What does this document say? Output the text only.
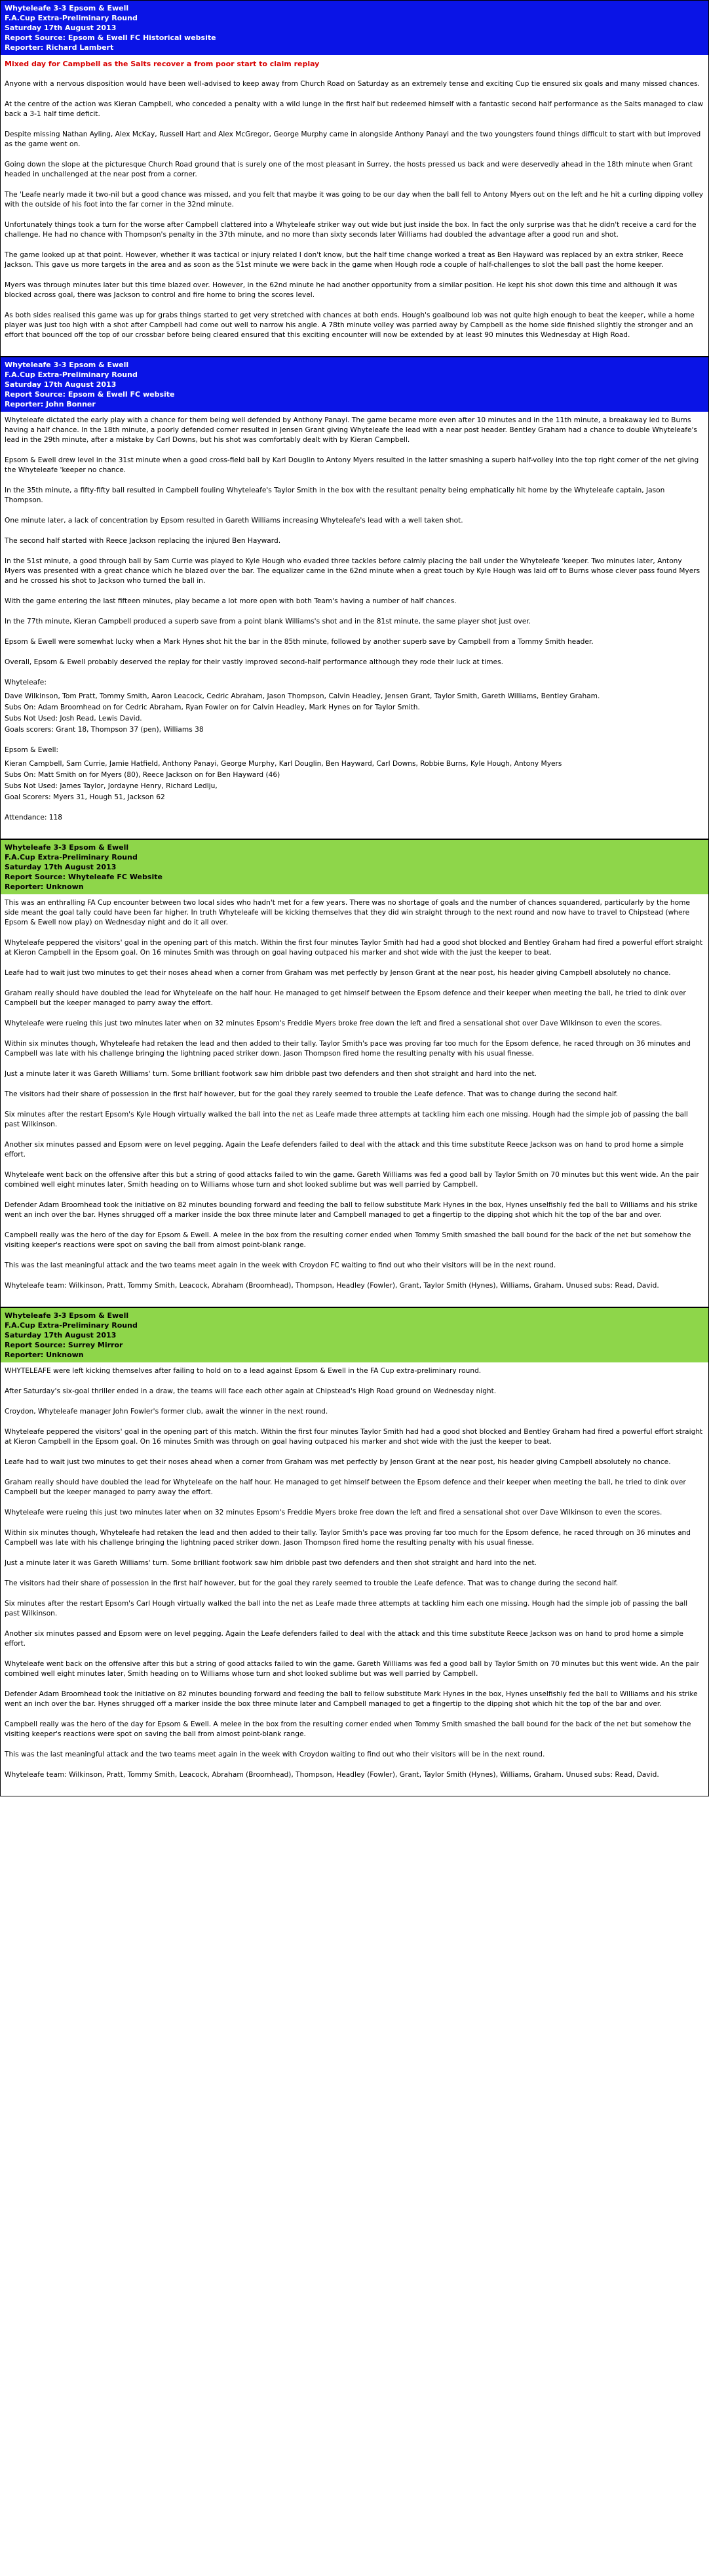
Whyteleafe 3-3 Epsom & Ewell
F.A.Cup Extra-Preliminary Round
Saturday 17th August 2013
Report Source: Epsom & Ewell FC Historical website
Reporter: Richard Lambert

Mixed day for Campbell as the Salts recover a from poor start to claim replay

Anyone with a nervous disposition would have been well-advised to keep away from Church Road on Saturday as an extremely tense and exciting Cup tie ensured six goals and many missed chances.

At the centre of the action was Kieran Campbell, who conceded a penalty with a wild lunge in the first half but redeemed himself with a fantastic second half performance as the Salts managed to claw back a 3-1 half time deficit.

Despite missing Nathan Ayling, Alex McKay, Russell Hart and Alex McGregor, George Murphy came in alongside Anthony Panayi and the two youngsters found things difficult to start with but improved as the game went on.

Going down the slope at the picturesque Church Road ground that is surely one of the most pleasant in Surrey, the hosts pressed us back and were deservedly ahead in the 18th minute when Grant headed in unchallenged at the near post from a corner.

The 'Leafe nearly made it two-nil but a good chance was missed, and you felt that maybe it was going to be our day when the ball fell to Antony Myers out on the left and he hit a curling dipping volley with the outside of his foot into the far corner in the 32nd minute.

Unfortunately things took a turn for the worse after Campbell clattered into a Whyteleafe striker way out wide but just inside the box. In fact the only surprise was that he didn't receive a card for the challenge. He had no chance with Thompson's penalty in the 37th minute, and no more than sixty seconds later Williams had doubled the advantage after a good run and shot.

The game looked up at that point. However, whether it was tactical or injury related I don't know, but the half time change worked a treat as Ben Hayward was replaced by an extra striker, Reece Jackson. This gave us more targets in the area and as soon as the 51st minute we were back in the game when Hough rode a couple of half-challenges to slot the ball past the home keeper.

Myers was through minutes later but this time blazed over. However, in the 62nd minute he had another opportunity from a similar position. He kept his shot down this time and although it was blocked across goal, there was Jackson to control and fire home to bring the scores level.

As both sides realised this game was up for grabs things started to get very stretched with chances at both ends. Hough's goalbound lob was not quite high enough to beat the keeper, while a home player was just too high with a shot after Campbell had come out well to narrow his angle. A 78th minute volley was parried away by Campbell as the home side finished slightly the stronger and an effort that bounced off the top of our crossbar before being cleared ensured that this exciting encounter will now be extended by at least 90 minutes this Wednesday at High Road.

Whyteleafe 3-3 Epsom & Ewell
F.A.Cup Extra-Preliminary Round
Saturday 17th August 2013
Report Source: Epsom & Ewell FC website
Reporter: John Bonner

Whyteleafe dictated the early play with a chance for them being well defended by Anthony Panayi. The game became more even after 10 minutes and in the 11th minute, a breakaway led to Burns having a half chance. In the 18th minute, a poorly defended corner resulted in Jensen Grant giving Whyteleafe the lead with a near post header. Bentley Graham had a chance to double Whyteleafe's lead in the 29th minute, after a mistake by Carl Downs, but his shot was comfortably dealt with by Kieran Campbell.

Epsom & Ewell drew level in the 31st minute when a good cross-field ball by Karl Douglin to Antony Myers resulted in the latter smashing a superb half-volley into the top right corner of the net giving the Whyteleafe 'keeper no chance.

In the 35th minute, a fifty-fifty ball resulted in Campbell fouling Whyteleafe's Taylor Smith in the box with the resultant penalty being emphatically hit home by the Whyteleafe captain, Jason Thompson.

One minute later, a lack of concentration by Epsom resulted in Gareth Williams increasing Whyteleafe's lead with a well taken shot.

The second half started with Reece Jackson replacing the injured Ben Hayward.

In the 51st minute, a good through ball by Sam Currie was played to Kyle Hough who evaded three tackles before calmly placing the ball under the Whyteleafe 'keeper. Two minutes later, Antony Myers was presented with a great chance which he blazed over the bar. The equalizer came in the 62nd minute when a great touch by Kyle Hough was laid off to Burns whose clever pass found Myers and he crossed his shot to Jackson who turned the ball in.

With the game entering the last fifteen minutes, play became a lot more open with both Team's having a number of half chances.

In the 77th minute, Kieran Campbell produced a superb save from a point blank Williams's shot and in the 81st minute, the same player shot just over.

Epsom & Ewell were somewhat lucky when a Mark Hynes shot hit the bar in the 85th minute, followed by another superb save by Campbell from a Tommy Smith header.

Overall, Epsom & Ewell probably deserved the replay for their vastly improved second-half performance although they rode their luck at times.

Whyteleafe:

Dave Wilkinson, Tom Pratt, Tommy Smith, Aaron Leacock, Cedric Abraham, Jason Thompson, Calvin Headley, Jensen Grant, Taylor Smith, Gareth Williams, Bentley Graham.

Subs On: Adam Broomhead on for Cedric Abraham, Ryan Fowler on for Calvin Headley, Mark Hynes on for Taylor Smith.

Subs Not Used: Josh Read, Lewis David.

Goals scorers: Grant 18, Thompson 37 (pen), Williams 38

Epsom & Ewell:

Kieran Campbell, Sam Currie, Jamie Hatfield, Anthony Panayi, George Murphy, Karl Douglin, Ben Hayward, Carl Downs, Robbie Burns, Kyle Hough, Antony Myers

Subs On: Matt Smith on for Myers (80), Reece Jackson on for Ben Hayward (46)

Subs Not Used: James Taylor, Jordayne Henry, Richard Ledlju,

Goal Scorers: Myers 31, Hough 51, Jackson 62

Attendance: 118

Whyteleafe 3-3 Epsom & Ewell
F.A.Cup Extra-Preliminary Round
Saturday 17th August 2013
Report Source: Whyteleafe FC Website
Reporter: Unknown

This was an enthralling FA Cup encounter between two local sides who hadn't met for a few years. There was no shortage of goals and the number of chances squandered, particularly by the home side meant the goal tally could have been far higher. In truth Whyteleafe will be kicking themselves that they did win straight through to the next round and now have to travel to Chipstead (where Epsom & Ewell now play) on Wednesday night and do it all over.

Whyteleafe peppered the visitors' goal in the opening part of this match. Within the first four minutes Taylor Smith had had a good shot blocked and Bentley Graham had fired a powerful effort straight at Kieron Campbell in the Epsom goal. On 16 minutes Smith was through on goal having outpaced his marker and shot wide with the just the keeper to beat.

Leafe had to wait just two minutes to get their noses ahead when a corner from Graham was met perfectly by Jenson Grant at the near post, his header giving Campbell absolutely no chance.

Graham really should have doubled the lead for Whyteleafe on the half hour. He managed to get himself between the Epsom defence and their keeper when meeting the ball, he tried to dink over Campbell but the keeper managed to parry away the effort.

Whyteleafe were rueing this just two minutes later when on 32 minutes Epsom's Freddie Myers broke free down the left and fired a sensational shot over Dave Wilkinson to even the scores.

Within six minutes though, Whyteleafe had retaken the lead and then added to their tally. Taylor Smith's pace was proving far too much for the Epsom defence, he raced through on 36 minutes and Campbell was late with his challenge bringing the lightning paced striker down. Jason Thompson fired home the resulting penalty with his usual finesse.

Just a minute later it was Gareth Williams' turn. Some brilliant footwork saw him dribble past two defenders and then shot straight and hard into the net.

The visitors had their share of possession in the first half however, but for the goal they rarely seemed to trouble the Leafe defence. That was to change during the second half.

Six minutes after the restart Epsom's Kyle Hough virtually walked the ball into the net as Leafe made three attempts at tackling him each one missing. Hough had the simple job of passing the ball past Wilkinson.

Another six minutes passed and Epsom were on level pegging. Again the Leafe defenders failed to deal with the attack and this time substitute Reece Jackson was on hand to prod home a simple effort.

Whyteleafe went back on the offensive after this but a string of good attacks failed to win the game. Gareth Williams was fed a good ball by Taylor Smith on 70 minutes but this went wide. An the pair combined well eight minutes later, Smith heading on to Williams whose turn and shot looked sublime but was well parried by Campbell.

Defender Adam Broomhead took the initiative on 82 minutes bounding forward and feeding the ball to fellow substitute Mark Hynes in the box, Hynes unselfishly fed the ball to Williams and his strike went an inch over the bar. Hynes shrugged off a marker inside the box three minute later and Campbell managed to get a fingertip to the dipping shot which hit the top of the bar and over.

Campbell really was the hero of the day for Epsom & Ewell. A melee in the box from the resulting corner ended when Tommy Smith smashed the ball bound for the back of the net but somehow the visiting keeper's reactions were spot on saving the ball from almost point-blank range.

This was the last meaningful attack and the two teams meet again in the week with Croydon FC waiting to find out who their visitors will be in the next round.

Whyteleafe team: Wilkinson, Pratt, Tommy Smith, Leacock, Abraham (Broomhead), Thompson, Headley (Fowler), Grant, Taylor Smith (Hynes), Williams, Graham. Unused subs: Read, David.

Whyteleafe 3-3 Epsom & Ewell
F.A.Cup Extra-Preliminary Round
Saturday 17th August 2013
Report Source: Surrey Mirror
Reporter: Unknown

WHYTELEAFE were left kicking themselves after failing to hold on to a lead against Epsom & Ewell in the FA Cup extra-preliminary round.

After Saturday's six-goal thriller ended in a draw, the teams will face each other again at Chipstead's High Road ground on Wednesday night.

Croydon, Whyteleafe manager John Fowler's former club, await the winner in the next round.

Whyteleafe peppered the visitors' goal in the opening part of this match. Within the first four minutes Taylor Smith had had a good shot blocked and Bentley Graham had fired a powerful effort straight at Kieron Campbell in the Epsom goal. On 16 minutes Smith was through on goal having outpaced his marker and shot wide with the just the keeper to beat.

Leafe had to wait just two minutes to get their noses ahead when a corner from Graham was met perfectly by Jenson Grant at the near post, his header giving Campbell absolutely no chance.

Graham really should have doubled the lead for Whyteleafe on the half hour. He managed to get himself between the Epsom defence and their keeper when meeting the ball, he tried to dink over Campbell but the keeper managed to parry away the effort.

Whyteleafe were rueing this just two minutes later when on 32 minutes Epsom's Freddie Myers broke free down the left and fired a sensational shot over Dave Wilkinson to even the scores.

Within six minutes though, Whyteleafe had retaken the lead and then added to their tally. Taylor Smith's pace was proving far too much for the Epsom defence, he raced through on 36 minutes and Campbell was late with his challenge bringing the lightning paced striker down. Jason Thompson fired home the resulting penalty with his usual finesse.

Just a minute later it was Gareth Williams' turn. Some brilliant footwork saw him dribble past two defenders and then shot straight and hard into the net.

The visitors had their share of possession in the first half however, but for the goal they rarely seemed to trouble the Leafe defence. That was to change during the second half.

Six minutes after the restart Epsom's Carl Hough virtually walked the ball into the net as Leafe made three attempts at tackling him each one missing. Hough had the simple job of passing the ball past Wilkinson.

Another six minutes passed and Epsom were on level pegging. Again the Leafe defenders failed to deal with the attack and this time substitute Reece Jackson was on hand to prod home a simple effort.

Whyteleafe went back on the offensive after this but a string of good attacks failed to win the game. Gareth Williams was fed a good ball by Taylor Smith on 70 minutes but this went wide. An the pair combined well eight minutes later, Smith heading on to Williams whose turn and shot looked sublime but was well parried by Campbell.

Defender Adam Broomhead took the initiative on 82 minutes bounding forward and feeding the ball to fellow substitute Mark Hynes in the box, Hynes unselfishly fed the ball to Williams and his strike went an inch over the bar. Hynes shrugged off a marker inside the box three minute later and Campbell managed to get a fingertip to the dipping shot which hit the top of the bar and over.

Campbell really was the hero of the day for Epsom & Ewell. A melee in the box from the resulting corner ended when Tommy Smith smashed the ball bound for the back of the net but somehow the visiting keeper's reactions were spot on saving the ball from almost point-blank range.

This was the last meaningful attack and the two teams meet again in the week with Croydon waiting to find out who their visitors will be in the next round.

Whyteleafe team: Wilkinson, Pratt, Tommy Smith, Leacock, Abraham (Broomhead), Thompson, Headley (Fowler), Grant, Taylor Smith (Hynes), Williams, Graham. Unused subs: Read, David.
